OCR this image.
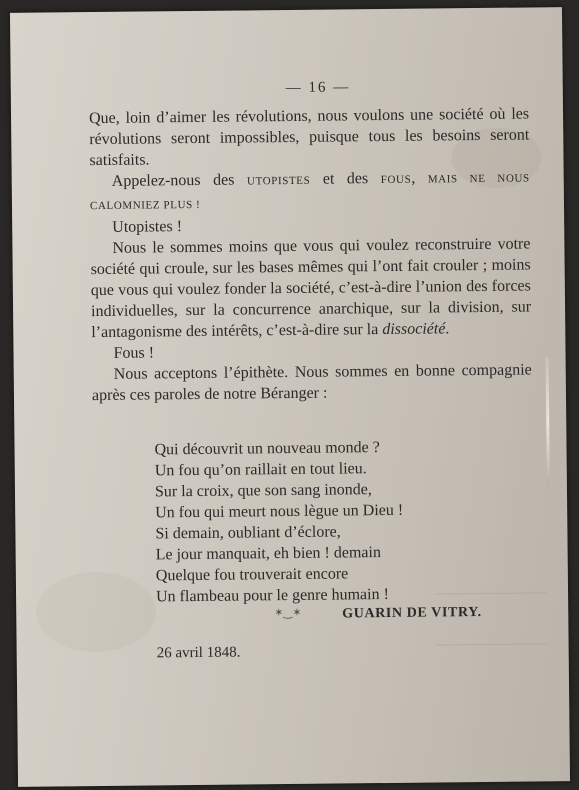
— 16 —

Que, loin d’aimer les révolutions, nous voulons une société où les révolutions seront impossibles, puisque tous les besoins seront satisfaits.

Appelez-nous des UTOPISTES et des FOUS, MAIS NE NOUS CALOMNIEZ PLUS !

Utopistes !

Nous le sommes moins que vous qui voulez reconstruire votre société qui croule, sur les bases mêmes qui l’ont fait crouler ; moins que vous qui voulez fonder la société, c’est-à-dire l’union des forces individuelles, sur la concurrence anarchique, sur la division, sur l’antagonisme des intérêts, c’est-à-dire sur la dissociété.

Fous !

Nous acceptons l’épithète. Nous sommes en bonne compagnie après ces paroles de notre Béranger :

Qui découvrit un nouveau monde ?
Un fou qu’on raillait en tout lieu.
Sur la croix, que son sang inonde,
Un fou qui meurt nous lègue un Dieu !
Si demain, oubliant d’éclore,
Le jour manquait, eh bien ! demain
Quelque fou trouverait encore
Un flambeau pour le genre humain !
✶‿✶	GUARIN DE VITRY.
26 avril 1848.
